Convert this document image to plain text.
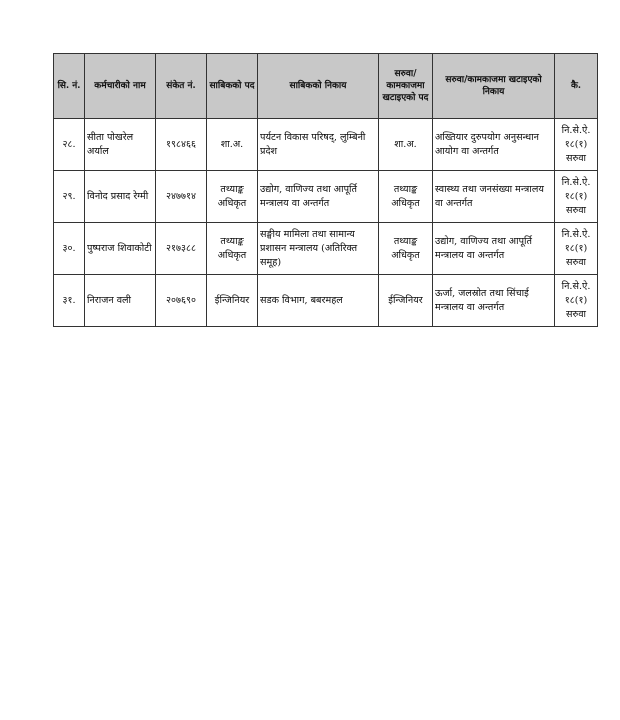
सि. नं.	कर्मचारीको नाम	संकेत नं.	साबिकको पद	साबिकको निकाय	सरुवा/ कामकाजमा खटाइएको पद	सरुवा/कामकाजमा खटाइएको निकाय	कै.
२८.	सीता पोखरेल अर्याल	१९८४६६	शा.अ.	पर्यटन विकास परिषद्, लुम्बिनी प्रदेश	शा.अ.	अख्तियार दुरुपयोग अनुसन्धान आयोग वा अन्तर्गत	नि.से.ऐ. १८(१) सरुवा
२९.	विनोद प्रसाद रेग्मी	२४७७१४	तथ्याङ्क अधिकृत	उद्योग, वाणिज्य तथा आपूर्ति मन्त्रालय वा अन्तर्गत	तथ्याङ्क अधिकृत	स्वास्थ्य तथा जनसंख्या मन्त्रालय वा अन्तर्गत	नि.से.ऐ. १८(१) सरुवा
३०.	पुष्पराज शिवाकोटी	२१७३८८	तथ्याङ्क अधिकृत	सङ्घीय मामिला तथा सामान्य प्रशासन मन्त्रालय (अतिरिक्त समूह)	तथ्याङ्क अधिकृत	उद्योग, वाणिज्य तथा आपूर्ति मन्त्रालय वा अन्तर्गत	नि.से.ऐ. १८(१) सरुवा
३१.	निराजन वली	२०७६९०	ईन्जिनियर	सडक विभाग, बबरमहल	ईन्जिनियर	ऊर्जा, जलस्रोत तथा सिंचाई मन्त्रालय वा अन्तर्गत	नि.से.ऐ. १८(१) सरुवा
